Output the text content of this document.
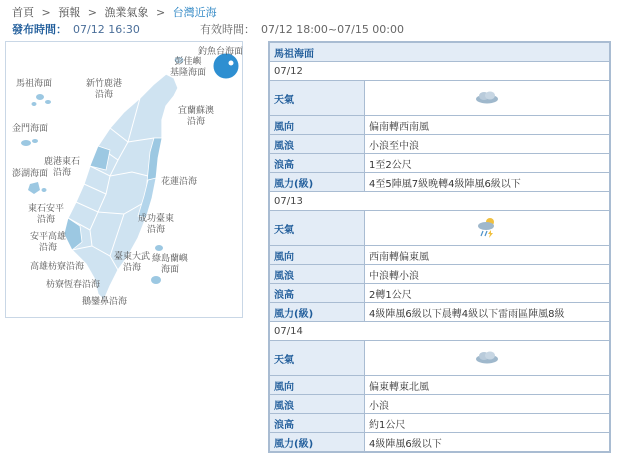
首頁 > 預報 > 漁業氣象 > 台灣近海
發布時間： 07/12 16:30	有效時間： 07/12 18:00~07/15 00:00
釣魚台海面
彭佳嶼
基隆海面
馬祖海面	新竹鹿港
沿海
宜蘭蘇澳
沿海
金門海面
鹿港東石
沿海
澎湖海面
東石安平
沿海
花蓮沿海
安平高雄
沿海
成功臺東
沿海
高雄枋寮沿海
臺東大武
沿海
綠島蘭嶼
海面
枋寮恆春沿海
鵝鑾鼻沿海
馬祖海面	
07/12	
天氣	
風向	偏南轉西南風
風浪	小浪至中浪
浪高	1至2公尺
風力(級)	4至5陣風7級晚轉4級陣風6級以下
07/13	
天氣	
風向	西南轉偏東風
風浪	中浪轉小浪
浪高	2轉1公尺
風力(級)	4級陣風6級以下晨轉4級以下雷雨區陣風8級
07/14	
天氣	
風向	偏東轉東北風
風浪	小浪
浪高	約1公尺
風力(級)	4級陣風6級以下
